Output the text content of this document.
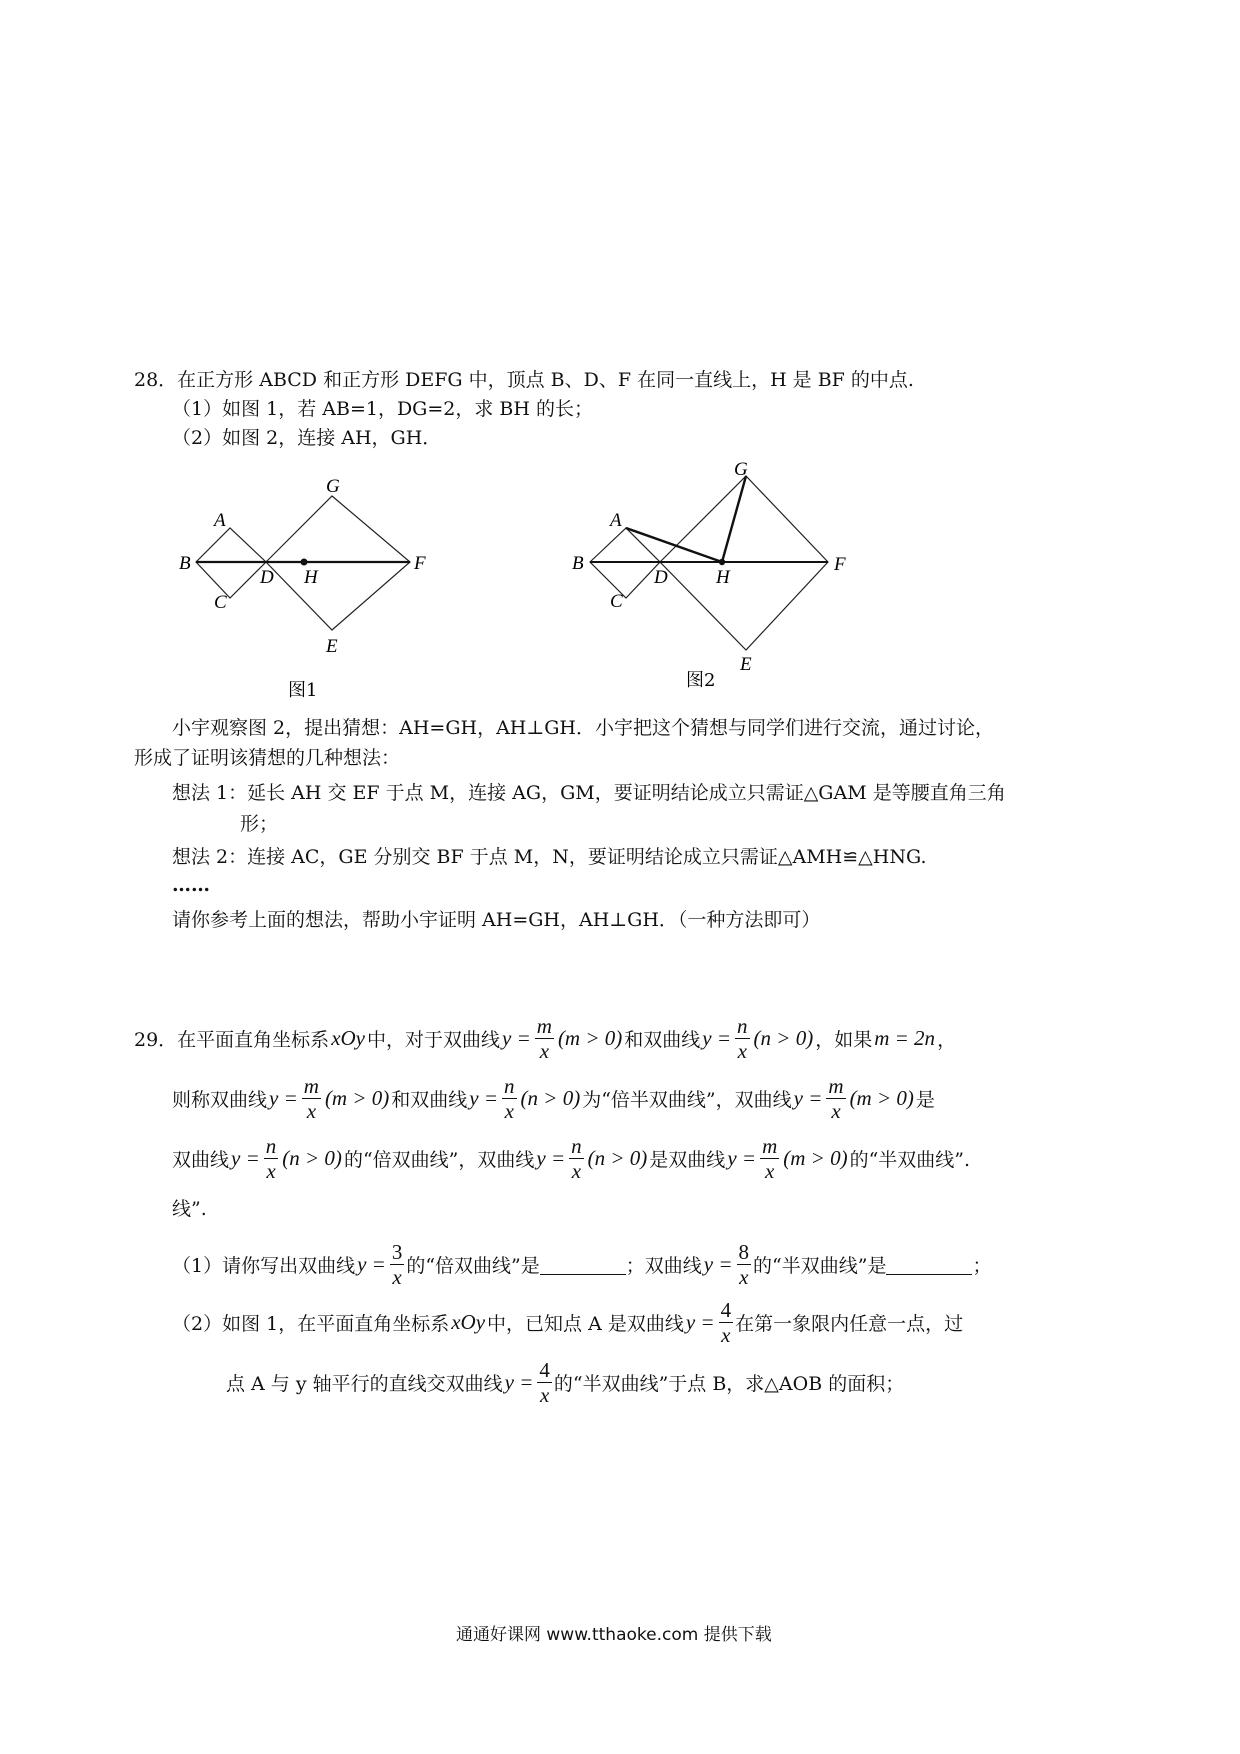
28．在正方形 ABCD 和正方形 DEFG 中，顶点 B、D、F 在同一直线上，H 是 BF 的中点.
（1）如图 1，若 AB=1，DG=2，求 BH 的长；
（2）如图 2，连接 AH，GH．
A
B
C
D H
F
G
E
图1
A
B
C
D	H
F
G
E
图2
小宇观察图 2，提出猜想：AH=GH，AH⊥GH．小宇把这个猜想与同学们进行交流，通过讨论，
形成了证明该猜想的几种想法：
想法 1：延长 AH 交 EF 于点 M，连接 AG，GM，要证明结论成立只需证△GAM 是等腰直角三角
形；
想法 2：连接 AC，GE 分别交 BF 于点 M，N，要证明结论成立只需证△AMH≌△HNG.
……
请你参考上面的想法，帮助小宇证明 AH=GH，AH⊥GH．（一种方法即可）
29．在平面直角坐标系 xOy 中，对于双曲线 $y = \frac{m}{x} (m > 0)$ 和双曲线 $y = \frac{n}{x} (n > 0)$ ，如果 m = 2n ，
则称双曲线 $y = \frac{m}{x} (m > 0)$ 和双曲线 $y = \frac{n}{x} (n > 0)$ 为“倍半双曲线”，双曲线 $y = \frac{m}{x} (m > 0)$ 是
双曲线 $y = \frac{n}{x} (n > 0)$ 的“倍双曲线”，双曲线 $y = \frac{n}{x} (n > 0)$ 是双曲线 $y = \frac{m}{x} (m > 0)$ 的“半双曲线”.
线”.
（1）请你写出双曲线 $y = \frac{3}{x}$ 的“倍双曲线”是	；双曲线 $y = \frac{8}{x}$ 的“半双曲线”是	；
（2）如图 1，在平面直角坐标系 xOy 中，已知点 A 是双曲线 $y = \frac{4}{x}$ 在第一象限内任意一点，过
点 A 与 y 轴平行的直线交双曲线 $y = \frac{4}{x}$ 的“半双曲线”于点 B，求△AOB 的面积；
通通好课网 www.tthaoke.com 提供下载
